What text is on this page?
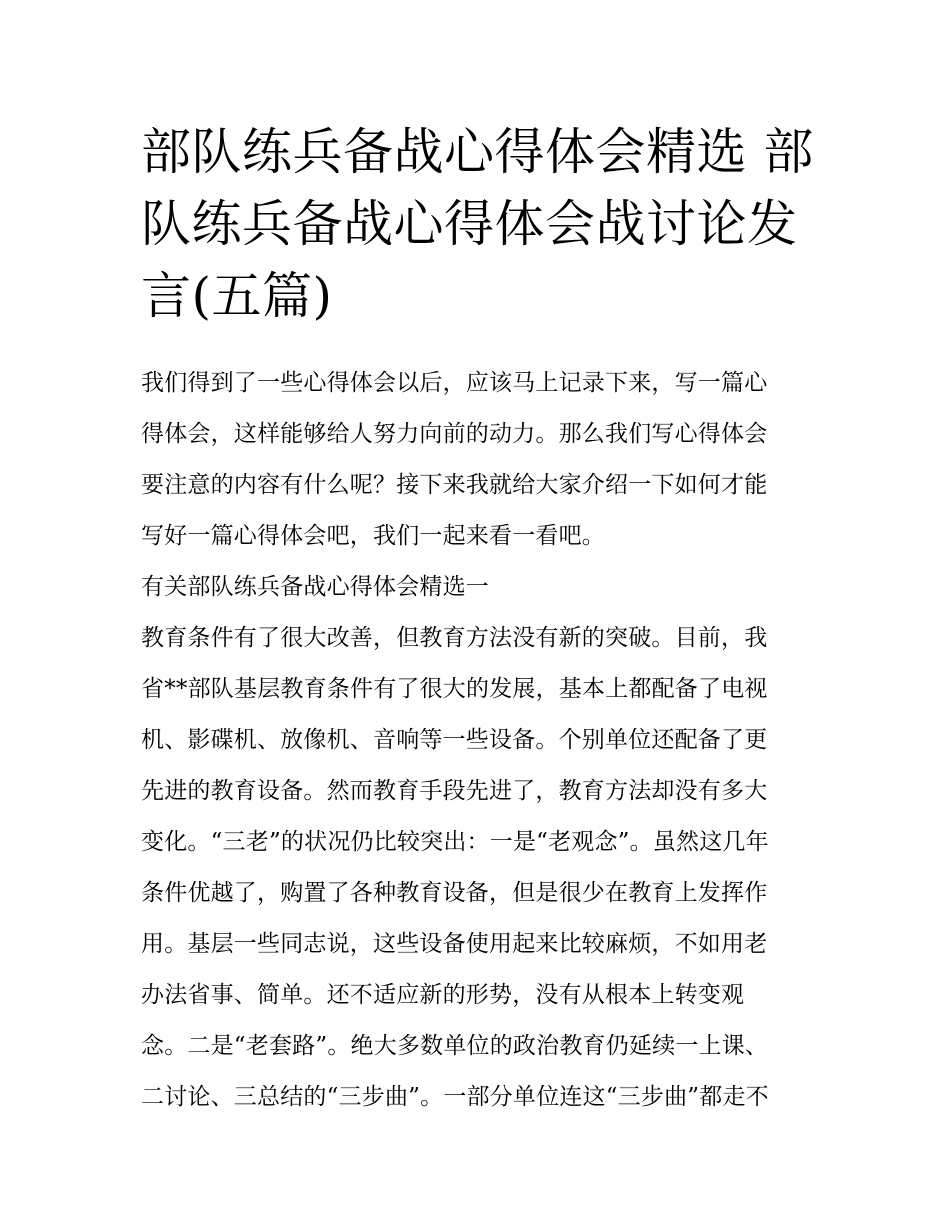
部队练兵备战心得体会精选 部
队练兵备战心得体会战讨论发
言(五篇)
我们得到了一些心得体会以后，应该马上记录下来，写一篇心
得体会，这样能够给人努力向前的动力。那么我们写心得体会
要注意的内容有什么呢？接下来我就给大家介绍一下如何才能
写好一篇心得体会吧，我们一起来看一看吧。
有关部队练兵备战心得体会精选一
教育条件有了很大改善，但教育方法没有新的突破。目前，我
省**部队基层教育条件有了很大的发展，基本上都配备了电视
机、影碟机、放像机、音响等一些设备。个别单位还配备了更
先进的教育设备。然而教育手段先进了，教育方法却没有多大
变化。“三老”的状况仍比较突出：一是“老观念”。虽然这几年
条件优越了，购置了各种教育设备，但是很少在教育上发挥作
用。基层一些同志说，这些设备使用起来比较麻烦，不如用老
办法省事、简单。还不适应新的形势，没有从根本上转变观
念。二是“老套路”。绝大多数单位的政治教育仍延续一上课、
二讨论、三总结的“三步曲”。一部分单位连这“三步曲”都走不
